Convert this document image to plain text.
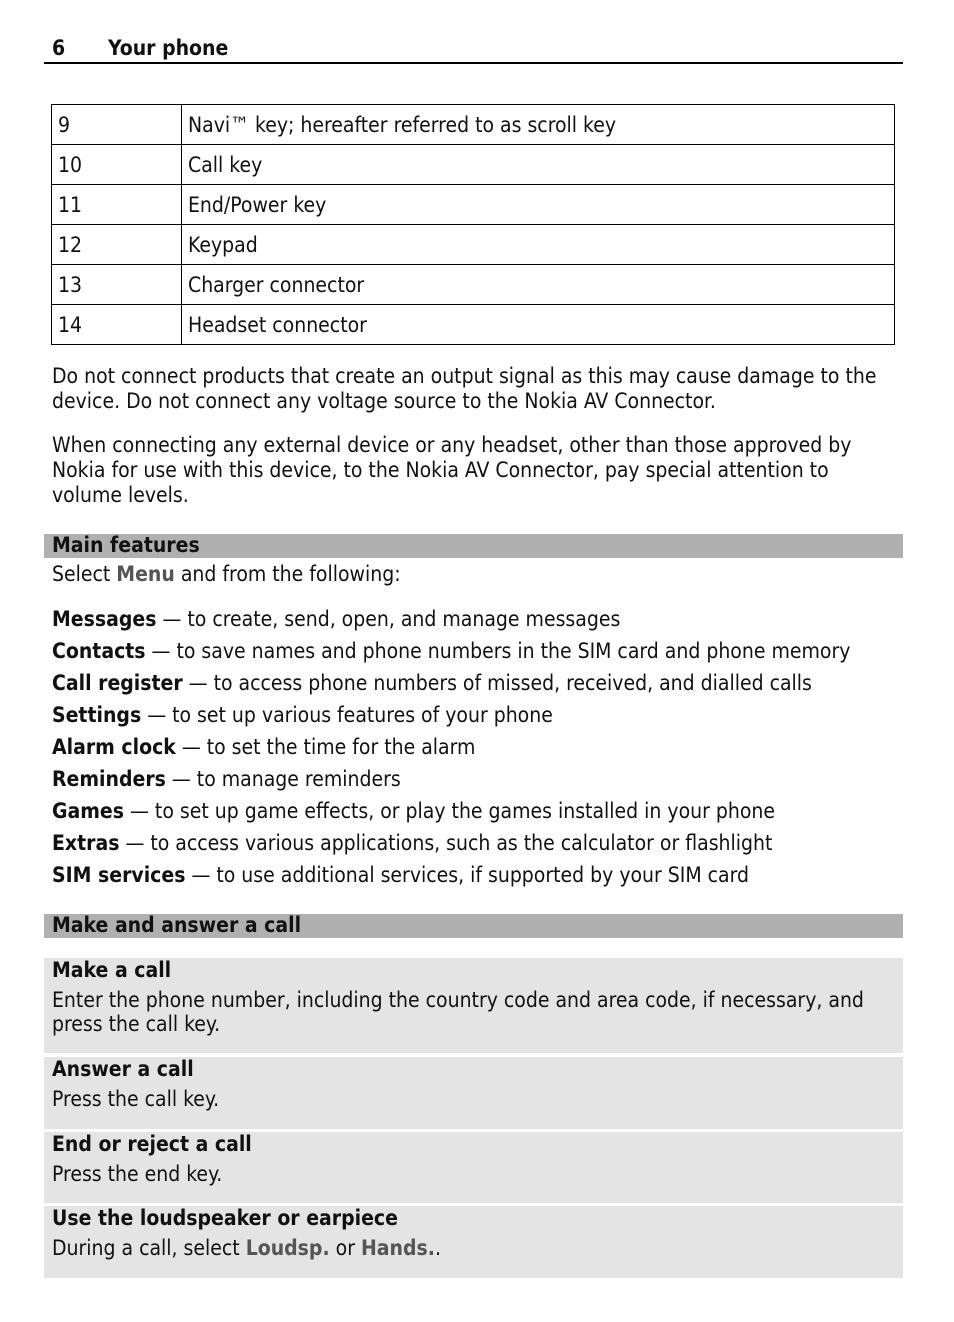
6 Your phone
9	Navi™ key; hereafter referred to as scroll key
10	Call key
11	End/Power key
12	Keypad
13	Charger connector
14	Headset connector
Do not connect products that create an output signal as this may cause damage to the device. Do not connect any voltage source to the Nokia AV Connector.
When connecting any external device or any headset, other than those approved by Nokia for use with this device, to the Nokia AV Connector, pay special attention to volume levels.
Main features
Select Menu and from the following:
Messages — to create, send, open, and manage messages
Contacts — to save names and phone numbers in the SIM card and phone memory
Call register — to access phone numbers of missed, received, and dialled calls
Settings — to set up various features of your phone
Alarm clock — to set the time for the alarm
Reminders — to manage reminders
Games — to set up game effects, or play the games installed in your phone
Extras — to access various applications, such as the calculator or flashlight
SIM services — to use additional services, if supported by your SIM card
Make and answer a call
Make a call
Enter the phone number, including the country code and area code, if necessary, and press the call key.
Answer a call
Press the call key.
End or reject a call
Press the end key.
Use the loudspeaker or earpiece
During a call, select Loudsp. or Hands..
